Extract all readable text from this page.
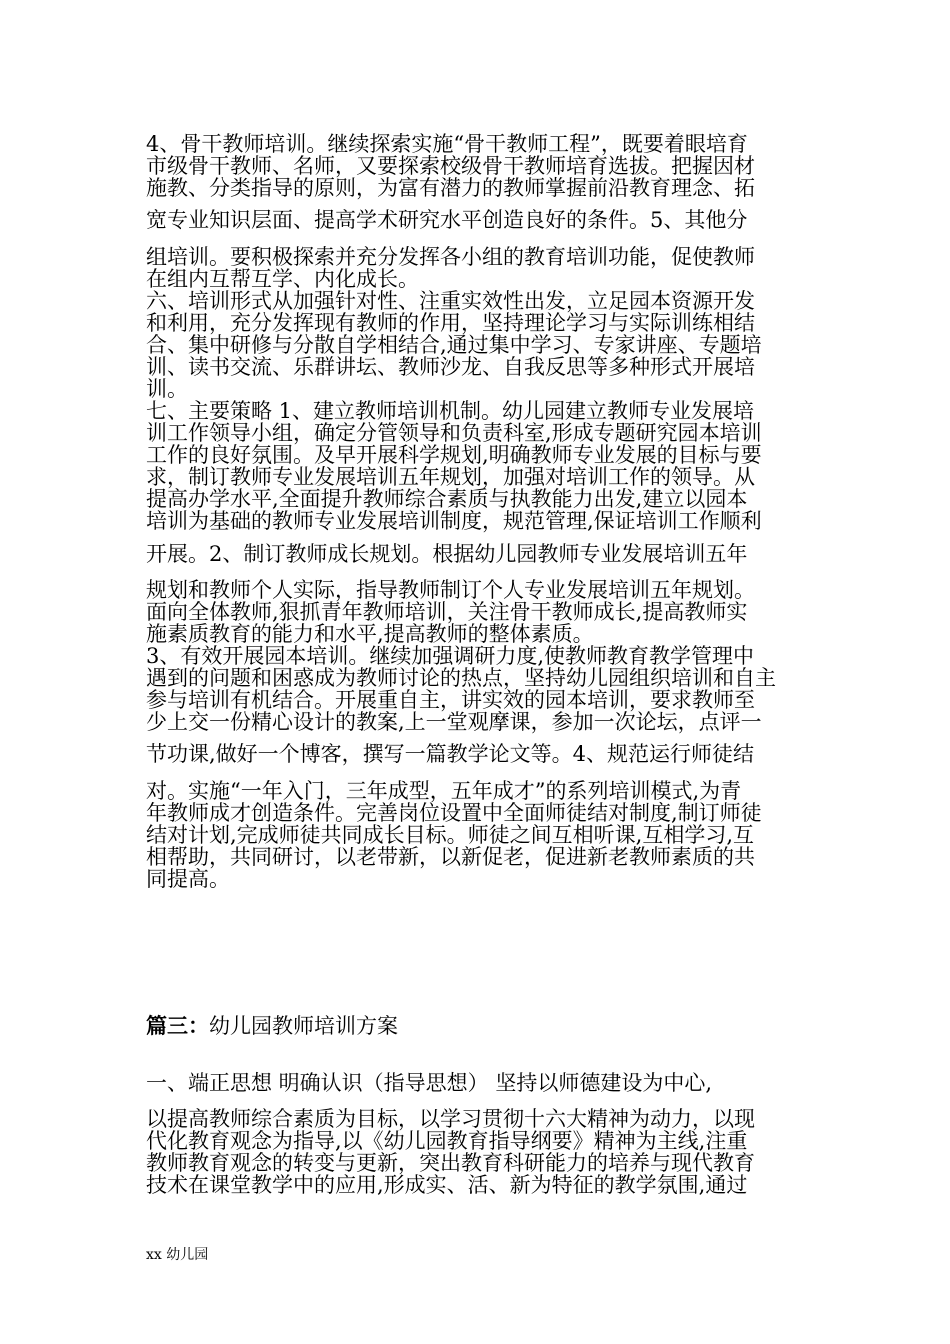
4、骨干教师培训。继续探索实施“骨干教师工程”，既要着眼培育
市级骨干教师、名师，又要探索校级骨干教师培育选拔。把握因材
施教、分类指导的原则，为富有潜力的教师掌握前沿教育理念、拓
宽专业知识层面、提高学术研究水平创造良好的条件。5、其他分
组培训。要积极探索并充分发挥各小组的教育培训功能，促使教师
在组内互帮互学、内化成长。
六、培训形式从加强针对性、注重实效性出发，立足园本资源开发
和利用，充分发挥现有教师的作用，坚持理论学习与实际训练相结
合、集中研修与分散自学相结合,通过集中学习、专家讲座、专题培
训、读书交流、乐群讲坛、教师沙龙、自我反思等多种形式开展培
训。
七、主要策略 1、建立教师培训机制。幼儿园建立教师专业发展培
训工作领导小组，确定分管领导和负责科室,形成专题研究园本培训
工作的良好氛围。及早开展科学规划,明确教师专业发展的目标与要
求，制订教师专业发展培训五年规划，加强对培训工作的领导。从
提高办学水平,全面提升教师综合素质与执教能力出发,建立以园本
培训为基础的教师专业发展培训制度，规范管理,保证培训工作顺利
开展。2、制订教师成长规划。根据幼儿园教师专业发展培训五年
规划和教师个人实际，指导教师制订个人专业发展培训五年规划。
面向全体教师,狠抓青年教师培训，关注骨干教师成长,提高教师实
施素质教育的能力和水平,提高教师的整体素质。
3、有效开展园本培训。继续加强调研力度,使教师教育教学管理中
遇到的问题和困惑成为教师讨论的热点，坚持幼儿园组织培训和自主
参与培训有机结合。开展重自主，讲实效的园本培训，要求教师至
少上交一份精心设计的教案,上一堂观摩课，参加一次论坛，点评一
节功课,做好一个博客，撰写一篇教学论文等。4、规范运行师徒结
对。实施“一年入门，三年成型，五年成才”的系列培训模式,为青
年教师成才创造条件。完善岗位设置中全面师徒结对制度,制订师徒
结对计划,完成师徒共同成长目标。师徒之间互相听课,互相学习,互
相帮助，共同研讨，以老带新，以新促老，促进新老教师素质的共
同提高。
篇三：幼儿园教师培训方案
一、端正思想 明确认识（指导思想） 坚持以师德建设为中心,
以提高教师综合素质为目标，以学习贯彻十六大精神为动力，以现
代化教育观念为指导,以《幼儿园教育指导纲要》精神为主线,注重
教师教育观念的转变与更新，突出教育科研能力的培养与现代教育
技术在课堂教学中的应用,形成实、活、新为特征的教学氛围,通过
xx 幼儿园
